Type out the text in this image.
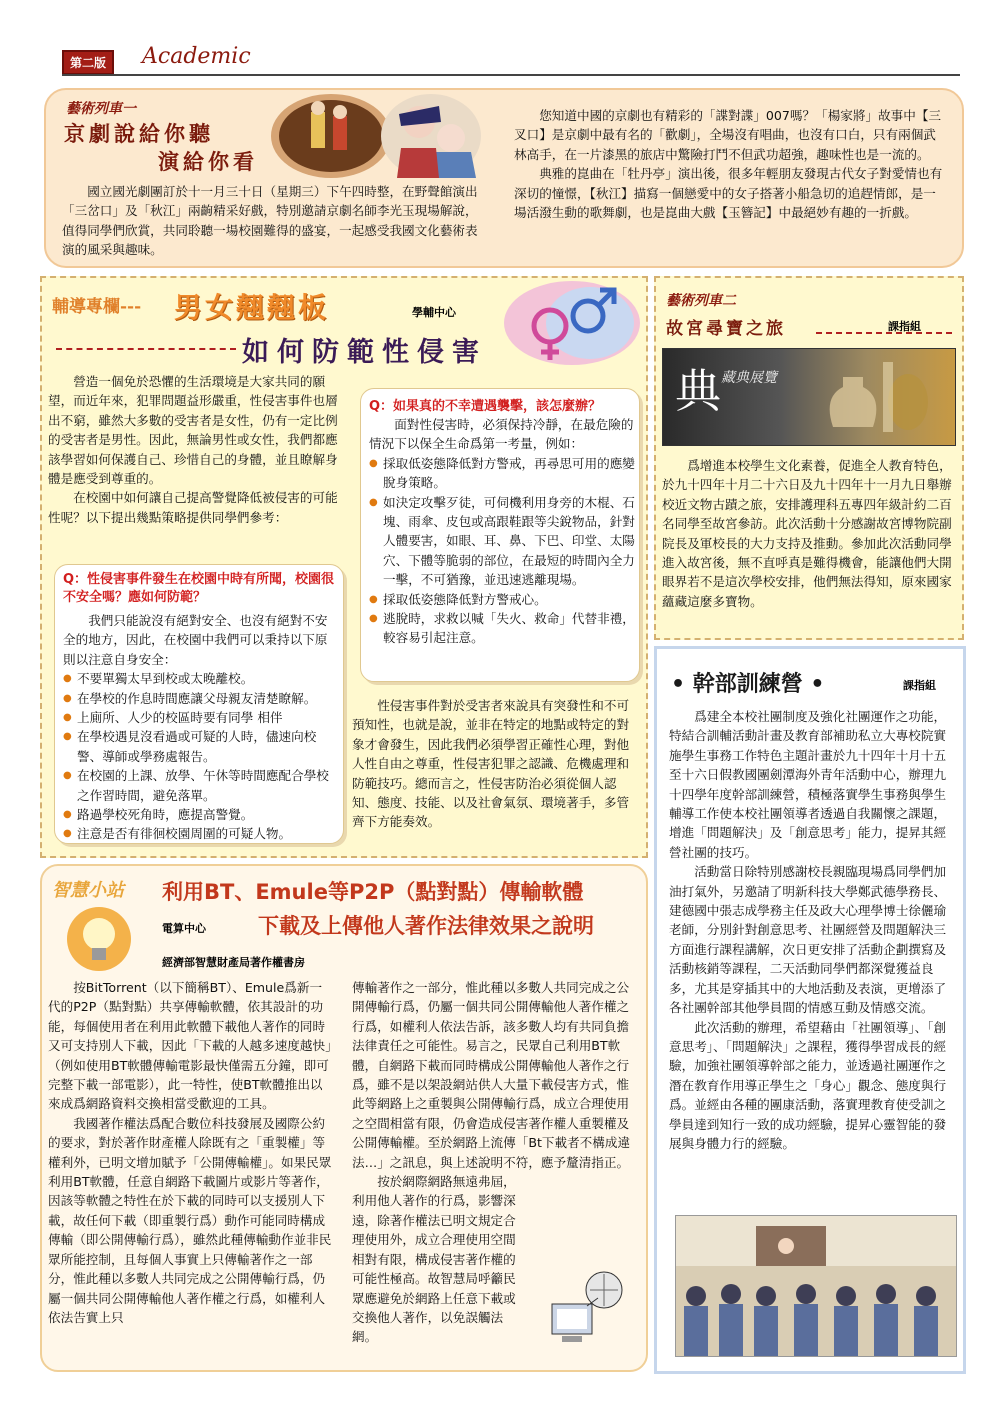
第二版	Academic
藝術列車一
京劇說給你聽
演給你看

國立國光劇團訂於十一月三十日（星期三）下午四時整，在野聲館演出「三岔口」及「秋江」兩齣精采好戲，特別邀請京劇名師李光玉現場解說，值得同學們欣賞，共同聆聽一場校園難得的盛宴，一起感受我國文化藝術表演的風采與趣味。

您知道中國的京劇也有精彩的「諜對諜」007嗎？「楊家將」故事中【三叉口】是京劇中最有名的「歡劇」，全場沒有唱曲，也沒有口白，只有兩個武林高手，在一片漆黑的旅店中驚險打鬥不但武功超強，趣味性也是一流的。

典雅的崑曲在「牡丹亭」演出後，很多年輕朋友發現古代女子對愛情也有深切的憧憬，【秋江】描寫一個戀愛中的女子搭著小船急切的追趕情郎，是一場活潑生動的歌舞劇，也是崑曲大戲【玉簪記】中最絕妙有趣的一折戲。

輔導專欄--- 男女翹翹板	學輔中心
如何防範性侵害

營造一個免於恐懼的生活環境是大家共同的願望，而近年來，犯罪問題益形嚴重，性侵害事件也層出不窮，雖然大多數的受害者是女性，仍有一定比例的受害者是男性。因此，無論男性或女性，我們都應該學習如何保護自己、珍惜自己的身體，並且瞭解身體是應受到尊重的。

在校園中如何讓自己提高警覺降低被侵害的可能性呢？以下提出幾點策略提供同學們參考：

Q：性侵害事件發生在校園中時有所聞，校園很不安全嗎？應如何防範？

我們只能說沒有絕對安全、也沒有絕對不安全的地方，因此，在校園中我們可以秉持以下原則以注意自身安全：

● 不要單獨太早到校或太晚離校。
● 在學校的作息時間應讓父母親友清楚瞭解。
● 上廁所、人少的校區時要有同學 相伴
● 在學校遇見沒看過或可疑的人時，儘速向校警、導師或學務處報告。
● 在校園的上課、放學、午休等時間應配合學校之作習時間，避免落單。
● 路過學校死角時，應提高警覺。
● 注意是否有徘徊校園周圍的可疑人物。
Q：如果真的不幸遭遇襲擊，該怎麼辦？

面對性侵害時，必須保持冷靜，在最危險的情況下以保全生命爲第一考量，例如：

● 採取低姿態降低對方警戒，再尋思可用的應變脫身策略。
● 如決定攻擊歹徒，可伺機利用身旁的木棍、石塊、雨傘、皮包或高跟鞋跟等尖銳物品，針對人體要害，如眼、耳、鼻、下巴、印堂、太陽穴、下體等脆弱的部位，在最短的時間內全力一擊，不可猶豫，並迅速逃離現場。
● 採取低姿態降低對方警戒心。
● 逃脫時，求救以喊「失火、救命」代替非禮，較容易引起注意。

性侵害事件對於受害者來說具有突發性和不可預知性，也就是說，並非在特定的地點或特定的對象才會發生，因此我們必須學習正確性心理，對他人性自由之尊重，性侵害犯罪之認識、危機處理和防範技巧。總而言之，性侵害防治必須從個人認知、態度、技能、以及社會氣氛、環境著手，多管齊下方能奏效。

藝術列車二
故宮尋寶之旅	課指組
典 藏典展覽

爲增進本校學生文化素養，促進全人教育特色，於九十四年十月二十六日及九十四年十一月九日舉辦校近文物古蹟之旅，安排護理科五專四年級計約二百名同學至故宮參訪。此次活動十分感謝故宮博物院副院長及軍校長的大力支持及推動。參加此次活動同學進入故宮後，無不直呼真是難得機會，能讓他們大開眼界若不是這次學校安排，他們無法得知，原來國家蘊藏這麼多寶物。

• 幹部訓練營 •	課指組

爲建全本校社團制度及強化社團運作之功能，特結合訓輔活動計畫及教育部補助私立大專校院實施學生事務工作特色主題計畫於九十四年十月十五至十六日假教國團劍潭海外青年活動中心，辦理九十四學年度幹部訓練營，積極落實學生事務與學生輔導工作使本校社團領導者透過自我關懷之課題，增進「問題解決」及「創意思考」能力，提昇其經營社團的技巧。

活動當日除特別感謝校長親臨現場爲同學們加油打氣外，另邀請了明新科技大學鄭武德學務長、建德國中張志成學務主任及政大心理學博士徐儷瑜老師，分別針對創意思考、社團經營及問題解決三方面進行課程講解，次日更安排了活動企劃撰寫及活動核銷等課程，二天活動同學們都深覺獲益良多，尤其是穿插其中的大地活動及表演，更增添了各社團幹部其他學員間的情感互動及情感交流。

此次活動的辦理，希望藉由「社團領導」、「創意思考」、「問題解決」之課程，獲得學習成長的經驗，加強社團領導幹部之能力，並透過社團運作之潛在教育作用導正學生之「身心」觀念、態度與行爲。並經由各種的團康活動，落實理教育使受訓之學員達到知行一致的成功經驗，提昇心靈智能的發展與身體力行的經驗。

智慧小站	利用BT、Emule等P2P（點對點）傳輸軟體
下載及上傳他人著作法律效果之說明
電算中心
經濟部智慧財產局著作權書房

按BitTorrent（以下簡稱BT）、Emule爲新一代的P2P（點對點）共享傳輸軟體，依其設計的功能，每個使用者在利用此軟體下載他人著作的同時又可支持別人下載，因此「下載的人越多速度越快」（例如使用BT軟體傳輸電影最快僅需五分鐘，即可完整下載一部電影），此一特性，使BT軟體推出以來成爲網路資料交換相當受歡迎的工具。

我國著作權法爲配合數位科技發展及國際公約的要求，對於著作財產權人除既有之「重製權」等權利外，已明文增加賦予「公開傳輸權」。如果民眾利用BT軟體，任意自網路下載圖片或影片等著作，因該等軟體之特性在於下載的同時可以支援別人下載，故任何下載（即重製行爲）動作可能同時構成傳輸（即公開傳輸行爲），雖然此種傳輸動作並非民眾所能控制，且每個人事實上只傳輸著作之一部分，惟此種以多數人共同完成之公開傳輸行爲，仍屬一個共同公開傳輸他人著作權之行爲，如權利人依法告實上只

傳輸著作之一部分，惟此種以多數人共同完成之公開傳輸行爲，仍屬一個共同公開傳輸他人著作權之行爲，如權利人依法告訴，該多數人均有共同負擔法律責任之可能性。易言之，民眾自己利用BT軟體，自網路下載而同時構成公開傳輸他人著作之行爲，雖不是以架設網站供人大量下載侵害方式，惟此等網路上之重製與公開傳輸行爲，成立合理使用之空間相當有限，仍會造成侵害著作權人重製權及公開傳輸權。至於網路上流傳「Bt下載者不構成違法…」之訊息，與上述說明不符，應予釐清指正。

按於網際網路無遠弗屆，利用他人著作的行爲，影響深遠，除著作權法已明文規定合理使用外，成立合理使用空間相對有限，構成侵害著作權的可能性極高。故智慧局呼籲民眾應避免於網路上任意下載或交換他人著作，以免誤觸法網。
